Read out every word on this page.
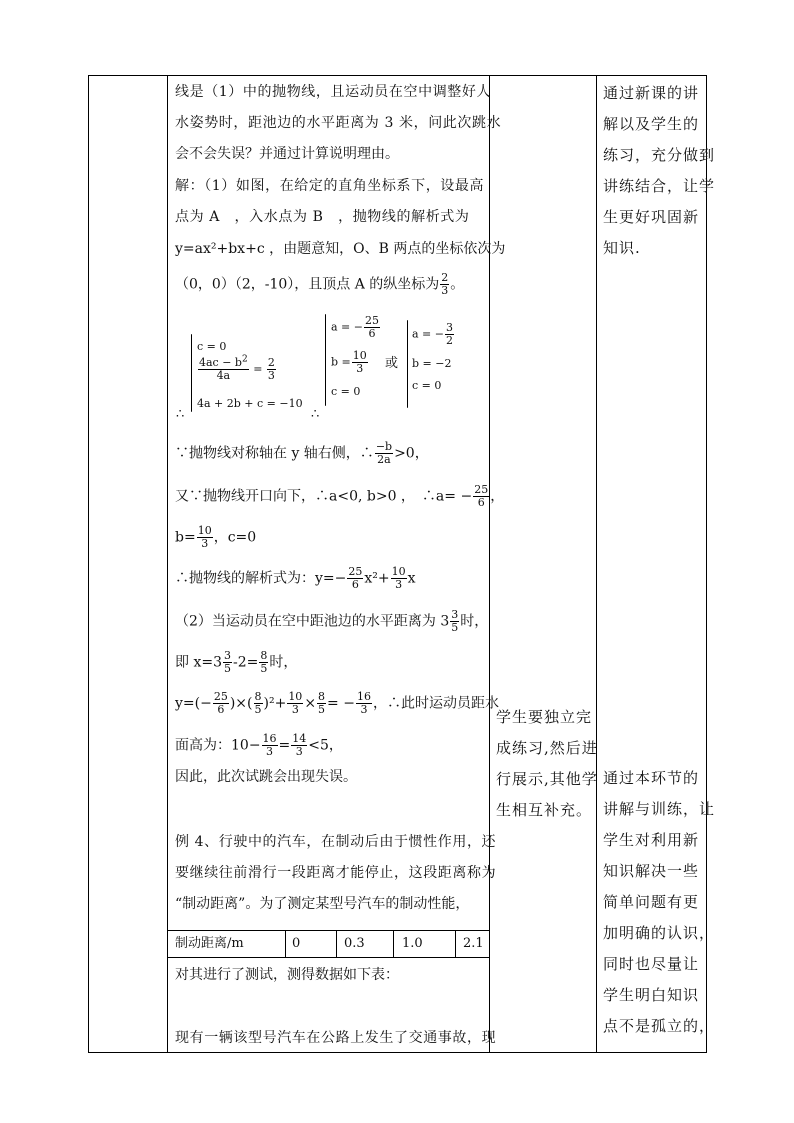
线是（1）中的抛物线，且运动员在空中调整好人
水姿势时，距池边的水平距离为 3 米，问此次跳水
会不会失误？并通过计算说明理由。
解：（1）如图，在给定的直角坐标系下，设最高
点为 A　，入水点为 B　，抛物线的解析式为
y=ax²+bx+c ，由题意知，O、B 两点的坐标依次为
（0，0）（2，-10），且顶点 A 的纵坐标为 $\frac{2}{3}$ 。
c = 0
$\frac{4ac - b^2}{4a} = \frac{2}{3}$
4a + 2b + c = −10
∴
a = − $\frac{25}{6}$
$b = \frac{10}{3}$
c = 0
∴
或
a = − $\frac{3}{2}$
b = −2
c = 0
∵抛物线对称轴在 y 轴右侧，∴ $\frac{-b}{2a} >0$，
又∵抛物线开口向下，∴a<0, b>0 ，　∴a= − $\frac{25}{6}$ ，
$b= \frac{10}{3}$ ，c=0
∴抛物线的解析式为：$y=- \frac{25}{6} x^2+ \frac{10}{3}$ x
（2）当运动员在空中距池边的水平距离为 $3 \frac{3}{5}$ 时，
即 $x=3 \frac{3}{5} -2= \frac{8}{5}$ 时，
$y=(- \frac{25}{6}$ )×( $\frac{8}{5} )^2+ \frac{10}{3} \times \frac{8}{5}$ = − $\frac{16}{3}$ ，∴此时运动员距水
面高为：$10- \frac{16}{3} = \frac{14}{3} <5$，
因此，此次试跳会出现失误。
例 4、行驶中的汽车，在制动后由于惯性作用，还
要继续往前滑行一段距离才能停止，这段距离称为
“制动距离”。为了测定某型号汽车的制动性能，
制动距离/m	0	0.3	1.0	2.1
对其进行了测试，测得数据如下表：
现有一辆该型号汽车在公路上发生了交通事故，现
学生要独立完
成练习,然后进
行展示,其他学
生相互补充。
通过新课的讲
解以及学生的
练习，充分做到
讲练结合，让学
生更好巩固新
知识.
通过本环节的
讲解与训练，让
学生对利用新
知识解决一些
简单问题有更
加明确的认识，
同时也尽量让
学生明白知识
点不是孤立的，
